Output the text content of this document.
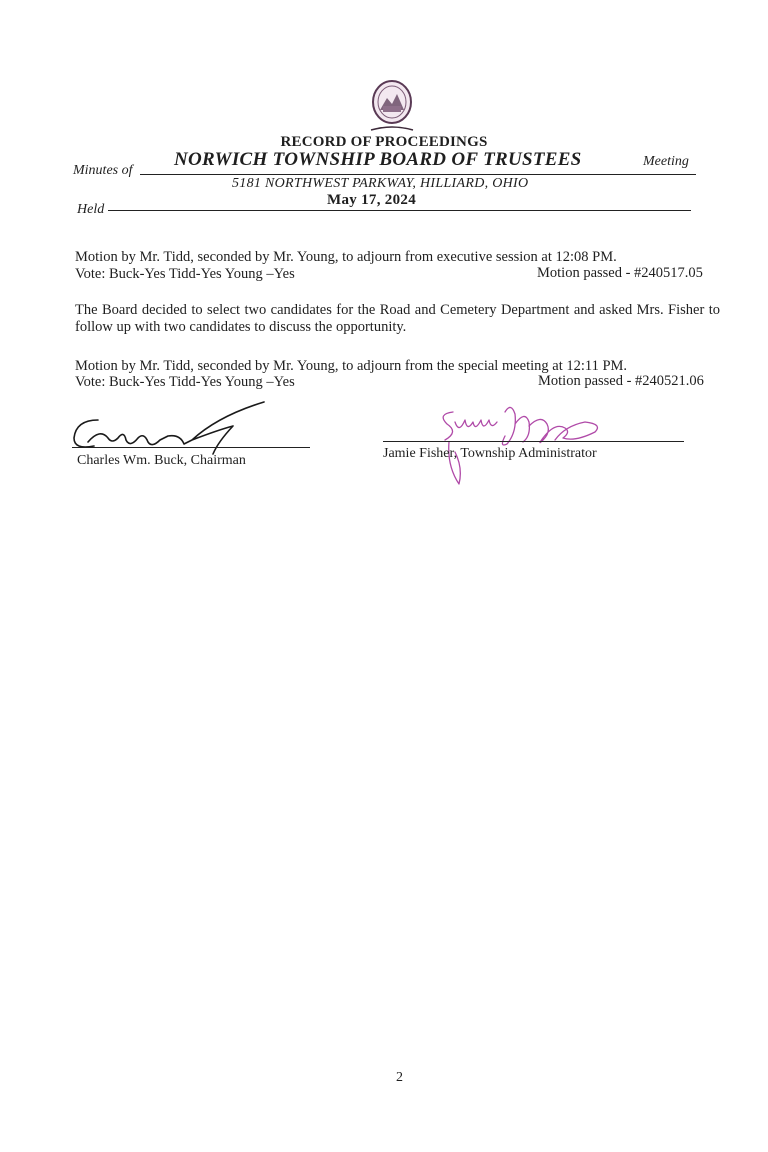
RECORD OF PROCEEDINGS
Minutes of
NORWICH TOWNSHIP BOARD OF TRUSTEES	Meeting
5181 NORTHWEST PARKWAY, HILLIARD, OHIO
Held
May 17, 2024
Motion by Mr. Tidd, seconded by Mr. Young, to adjourn from executive session at 12:08 PM.
Vote: Buck-Yes Tidd-Yes Young –Yes	Motion passed - #240517.05
The Board decided to select two candidates for the Road and Cemetery Department and asked Mrs. Fisher to follow up with two candidates to discuss the opportunity.
Motion by Mr. Tidd, seconded by Mr. Young, to adjourn from the special meeting at 12:11 PM.
Vote: Buck-Yes Tidd-Yes Young –Yes	Motion passed - #240521.06
Charles Wm. Buck, Chairman	Jamie Fisher, Township Administrator
2
